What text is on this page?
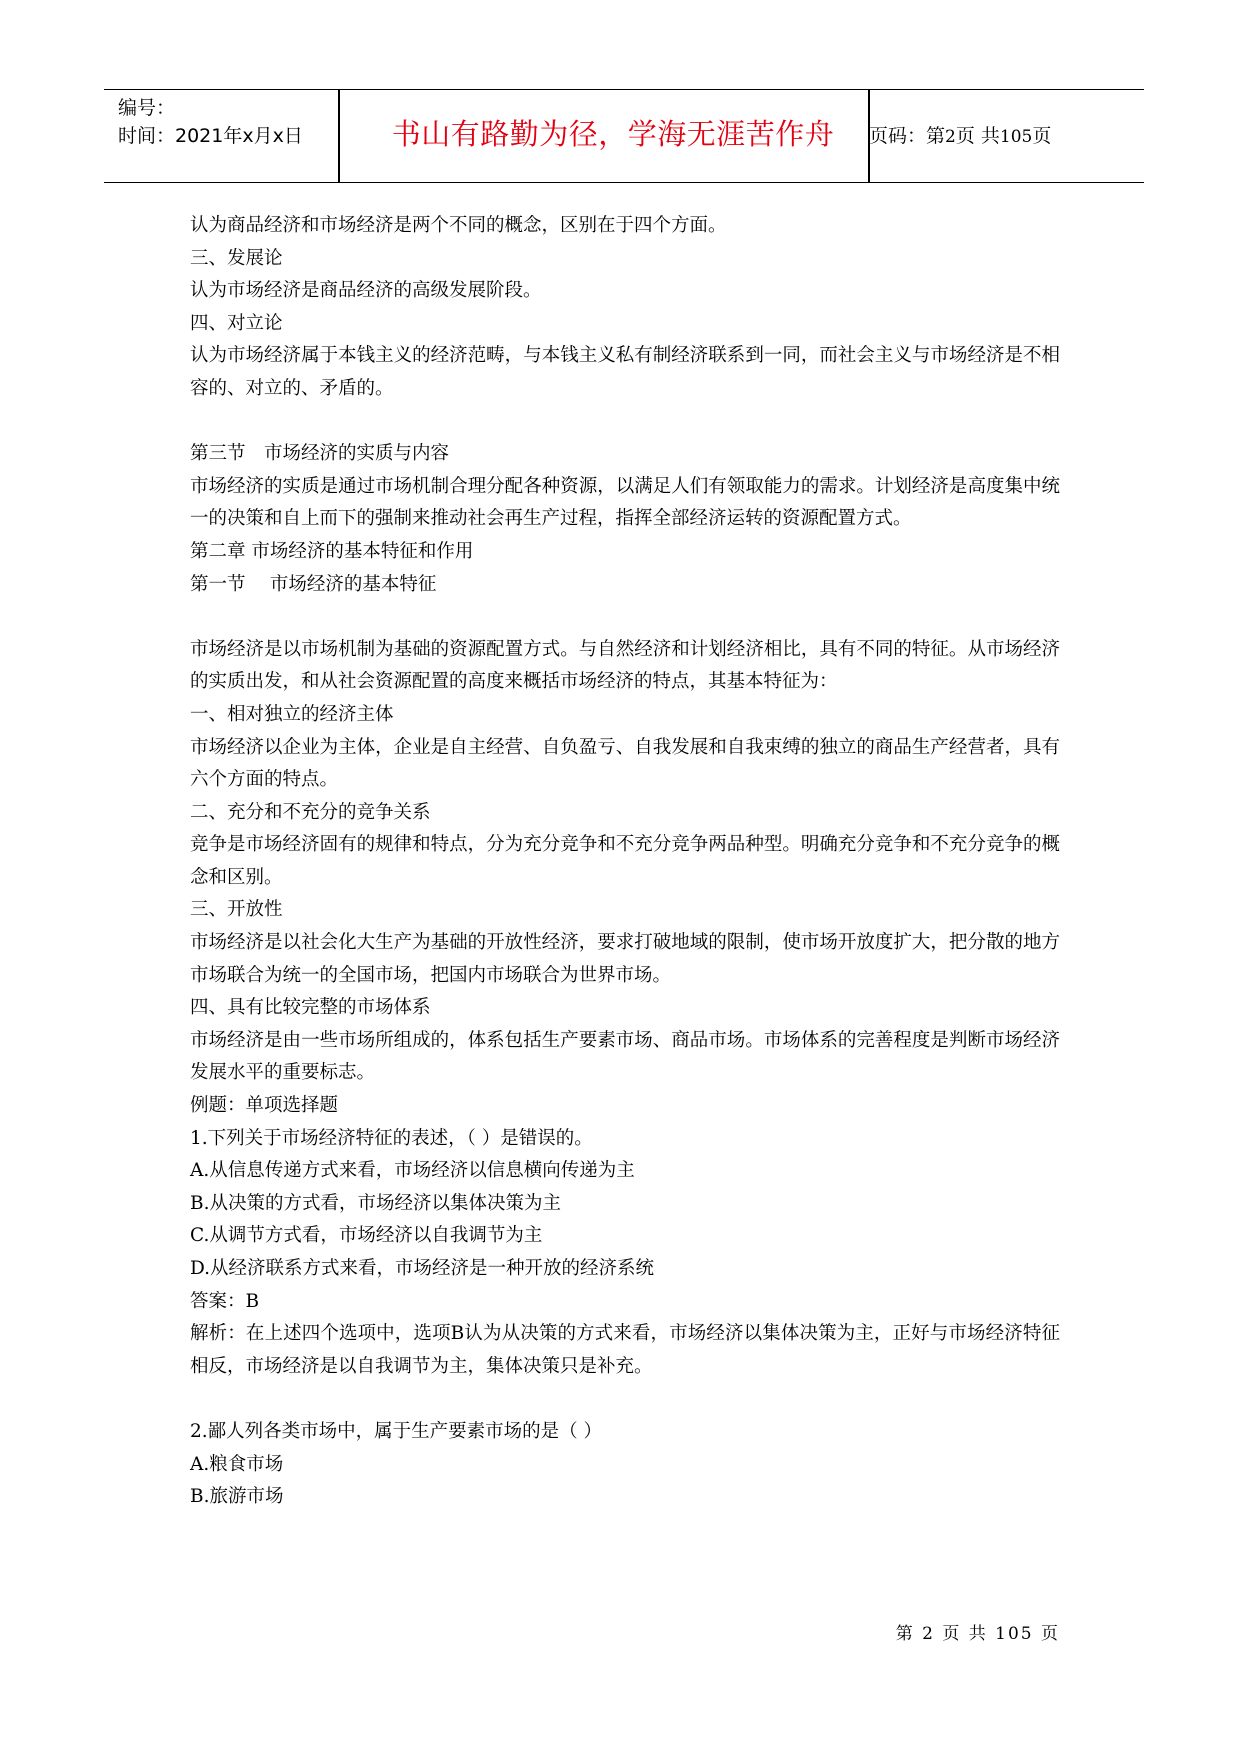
编号：
时间：2021年x月x日	书山有路勤为径，学海无涯苦作舟	页码：第2页 共105页

认为商品经济和市场经济是两个不同的概念，区别在于四个方面。

三、发展论

认为市场经济是商品经济的高级发展阶段。

四、对立论

认为市场经济属于本钱主义的经济范畴，与本钱主义私有制经济联系到一同，而社会主义与市场经济是不相容的、对立的、矛盾的。

第三节　市场经济的实质与内容

市场经济的实质是通过市场机制合理分配各种资源，以满足人们有领取能力的需求。计划经济是高度集中统一的决策和自上而下的强制来推动社会再生产过程，指挥全部经济运转的资源配置方式。

第二章 市场经济的基本特征和作用

第一节　 市场经济的基本特征

市场经济是以市场机制为基础的资源配置方式。与自然经济和计划经济相比，具有不同的特征。从市场经济的实质出发，和从社会资源配置的高度来概括市场经济的特点，其基本特征为：

一、相对独立的经济主体

市场经济以企业为主体，企业是自主经营、自负盈亏、自我发展和自我束缚的独立的商品生产经营者，具有六个方面的特点。

二、充分和不充分的竞争关系

竞争是市场经济固有的规律和特点，分为充分竞争和不充分竞争两品种型。明确充分竞争和不充分竞争的概念和区别。

三、开放性

市场经济是以社会化大生产为基础的开放性经济，要求打破地域的限制，使市场开放度扩大，把分散的地方市场联合为统一的全国市场，把国内市场联合为世界市场。

四、具有比较完整的市场体系

市场经济是由一些市场所组成的，体系包括生产要素市场、商品市场。市场体系的完善程度是判断市场经济发展水平的重要标志。

例题：单项选择题

1.下列关于市场经济特征的表述，（ ）是错误的。

A.从信息传递方式来看，市场经济以信息横向传递为主

B.从决策的方式看，市场经济以集体决策为主

C.从调节方式看，市场经济以自我调节为主

D.从经济联系方式来看，市场经济是一种开放的经济系统

答案：B

解析：在上述四个选项中，选项B认为从决策的方式来看，市场经济以集体决策为主，正好与市场经济特征相反，市场经济是以自我调节为主，集体决策只是补充。

2.鄙人列各类市场中，属于生产要素市场的是（ ）

A.粮食市场

B.旅游市场

第 2 页 共 105 页
